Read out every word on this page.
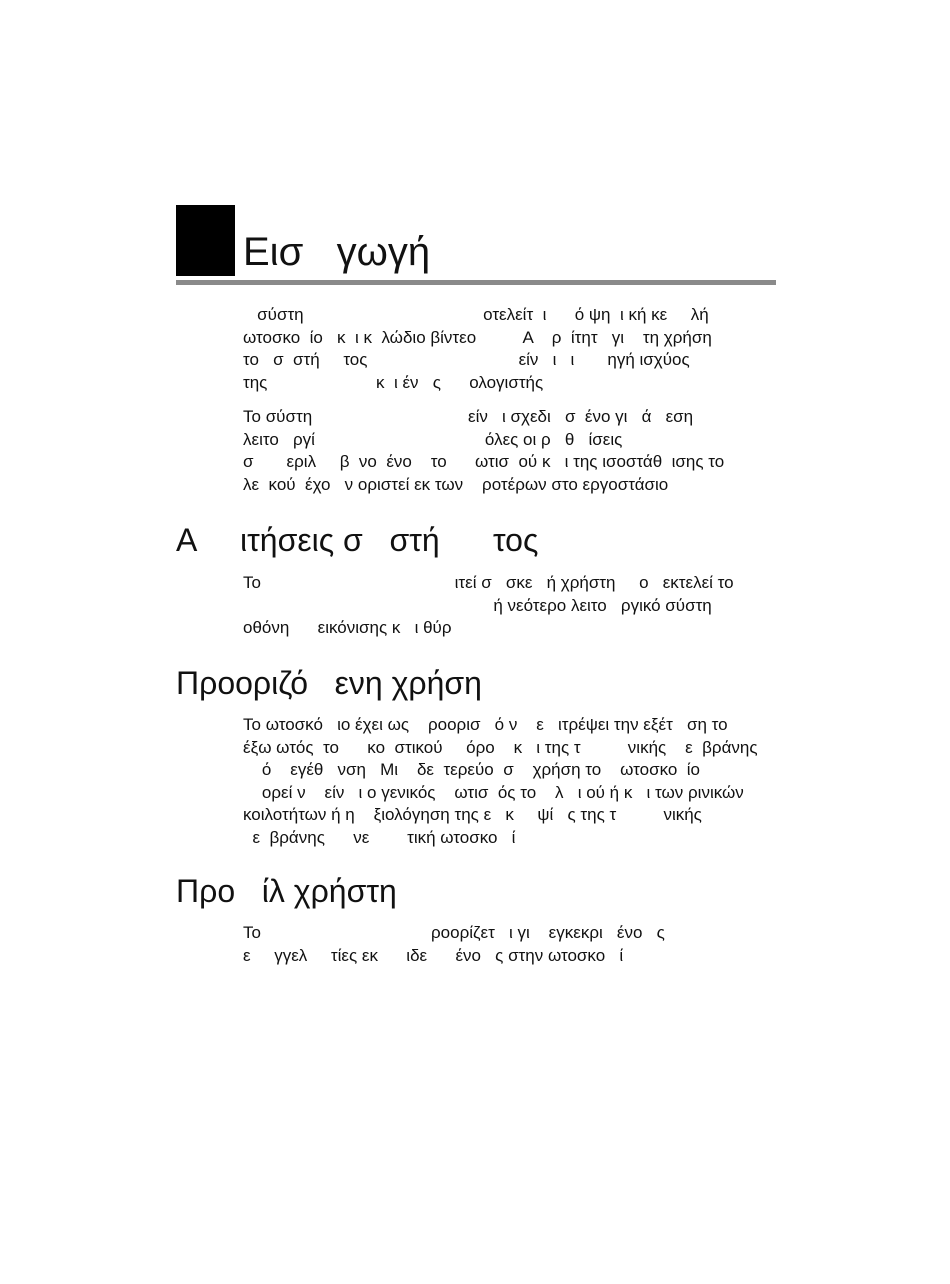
Εισ   γωγή

σύστη                                      οτελείτ  ι      ό ψη  ι κή κε     λή
ωτοσκο  ίο   κ  ι κ  λώδιο βίντεο          Α    ρ  ίτητ   γι    τη χρήση
το   σ  στή     τος                                είν   ι   ι       ηγή ισχύος
της                       κ  ι έν   ς      ολογιστής

Το σύστη                                 είν   ι σχεδι   σ  ένο γι   ά   εση
λειτο   ργί                                    όλες οι ρ   θ   ίσεις
σ       εριλ     β  νο  ένο    το      ωτισ  ού κ   ι της ισοστάθ  ισης το
λε  κού  έχο   ν οριστεί εκ των    ροτέρων στο εργοστάσιο

Α     ιτήσεις σ   στή      τος

Το                                         ιτεί σ   σκε   ή χρήστη     ο   εκτελεί το
ή νεότερο λειτο   ργικό σύστη
οθόνη      εικόνισης κ   ι θύρ

Προοριζό   ενη χρήση

Το ωτοσκό   ιο έχει ως    ροορισ   ό ν    ε   ιτρέψει την εξέτ   ση το
έξω ωτός  το      κο  στικού     όρο    κ   ι της τ          νικής    ε  βράνης
ό    εγέθ   νση   Μι    δε  τερεύο  σ    χρήση το    ωτοσκο  ίο
ορεί ν    είν   ι ο γενικός    ωτισ  ός το    λ   ι ού ή κ   ι των ρινικών
κοιλοτήτων ή η    ξιολόγηση της ε   κ     ψί   ς της τ          νικής
ε  βράνης      νε        τική ωτοσκο   ί

Προ   ίλ χρήστη

Το                                    ροορίζετ   ι γι    εγκεκρι   ένο   ς
ε     γγελ     τίες εκ      ιδε      ένο   ς στην ωτοσκο   ί
